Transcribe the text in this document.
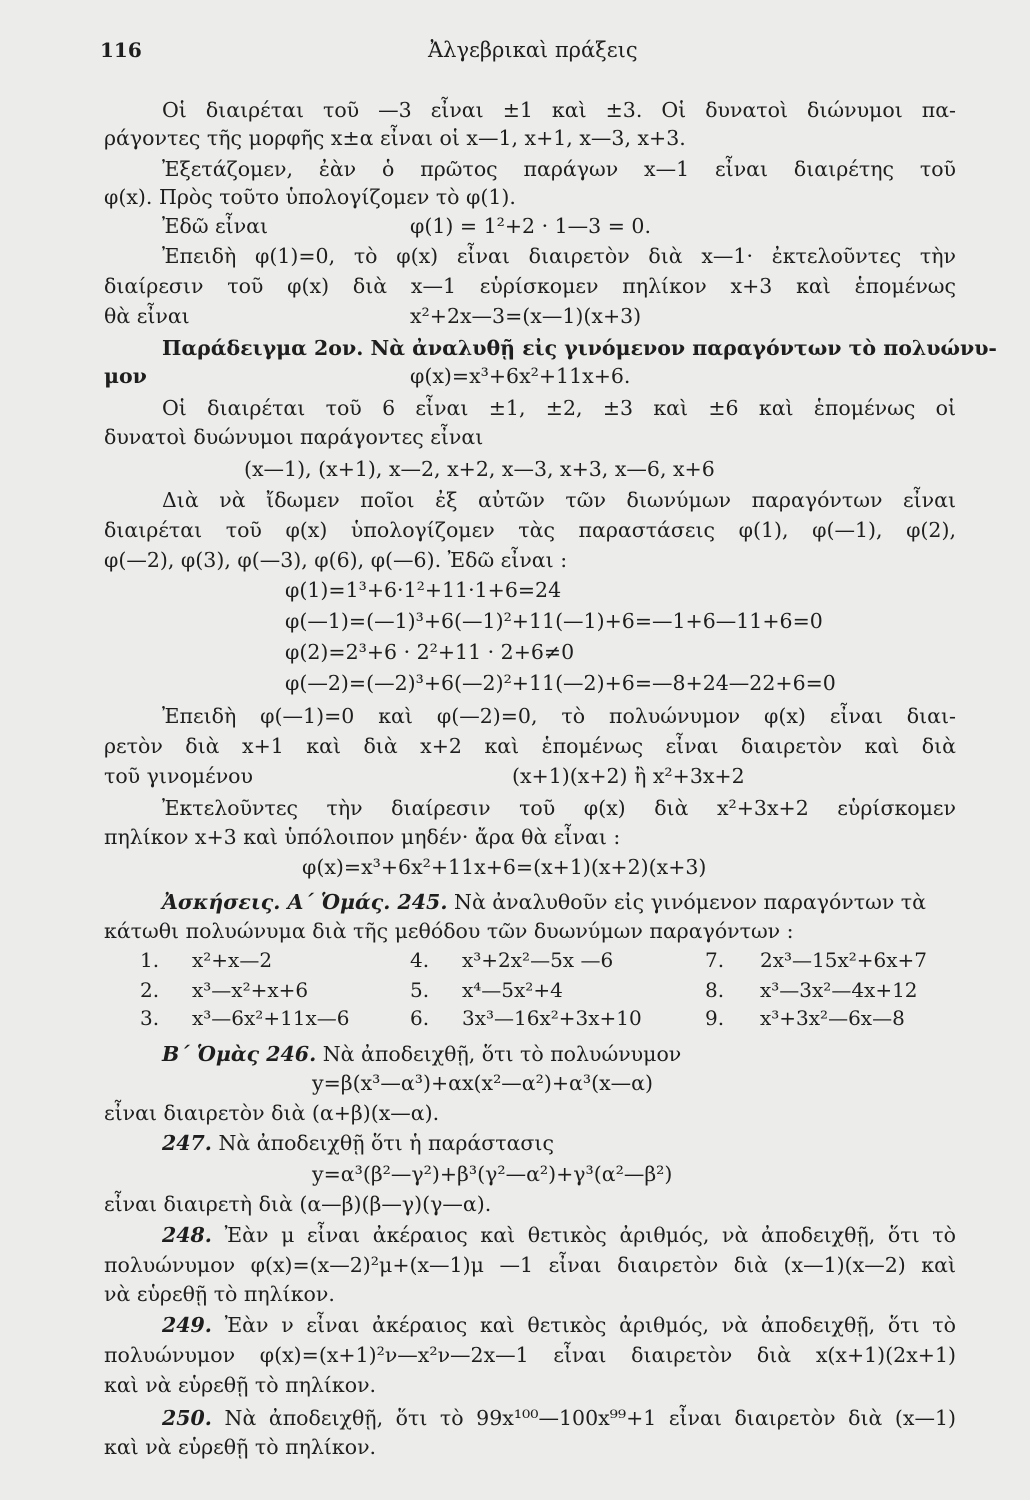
116	Ἀλγεβρικαὶ πράξεις
Οἱ διαιρέται τοῦ —3 εἶναι ±1 καὶ ±3. Οἱ δυνατοὶ διώνυμοι πα-
ράγοντες τῆς μορφῆς x±α εἶναι οἱ x—1, x+1, x—3, x+3.
Ἐξετάζομεν, ἐὰν ὁ πρῶτος παράγων x—1 εἶναι διαιρέτης τοῦ
φ(x). Πρὸς τοῦτο ὑπολογίζομεν τὸ φ(1).
Ἐδῶ εἶναι	φ(1) = 1²+2 · 1—3 = 0.
Ἐπειδὴ φ(1)=0, τὸ φ(x) εἶναι διαιρετὸν διὰ x—1· ἐκτελοῦντες τὴν
διαίρεσιν τοῦ φ(x) διὰ x—1 εὑρίσκομεν πηλίκον x+3 καὶ ἑπομένως
θὰ εἶναι	x²+2x—3=(x—1)(x+3)
Παράδειγμα 2ον. Νὰ ἀναλυθῇ εἰς γινόμενον παραγόντων τὸ πολυώνυ-
μον	φ(x)=x³+6x²+11x+6.
Οἱ διαιρέται τοῦ 6 εἶναι ±1, ±2, ±3 καὶ ±6 καὶ ἑπομένως οἱ
δυνατοὶ δυώνυμοι παράγοντες εἶναι
(x—1), (x+1), x—2, x+2, x—3, x+3, x—6, x+6
Διὰ νὰ ἴδωμεν ποῖοι ἐξ αὐτῶν τῶν διωνύμων παραγόντων εἶναι
διαιρέται τοῦ φ(x) ὑπολογίζομεν τὰς παραστάσεις φ(1), φ(—1), φ(2),
φ(—2), φ(3), φ(—3), φ(6), φ(—6). Ἐδῶ εἶναι :
φ(1)=1³+6·1²+11·1+6=24
φ(—1)=(—1)³+6(—1)²+11(—1)+6=—1+6—11+6=0
φ(2)=2³+6 · 2²+11 · 2+6≠0
φ(—2)=(—2)³+6(—2)²+11(—2)+6=—8+24—22+6=0
Ἐπειδὴ φ(—1)=0 καὶ φ(—2)=0, τὸ πολυώνυμον φ(x) εἶναι διαι-
ρετὸν διὰ x+1 καὶ διὰ x+2 καὶ ἑπομένως εἶναι διαιρετὸν καὶ διὰ
τοῦ γινομένου	(x+1)(x+2) ἢ x²+3x+2
Ἐκτελοῦντες τὴν διαίρεσιν τοῦ φ(x) διὰ x²+3x+2 εὑρίσκομεν
πηλίκον x+3 καὶ ὑπόλοιπον μηδέν· ἄρα θὰ εἶναι :
φ(x)=x³+6x²+11x+6=(x+1)(x+2)(x+3)
Ἀσκήσεις. Α΄ Ὁμάς. 245. Νὰ ἀναλυθοῦν εἰς γινόμενον παραγόντων τὰ
κάτωθι πολυώνυμα διὰ τῆς μεθόδου τῶν δυωνύμων παραγόντων :
1. x²+x—2	4. x³+2x²—5x —6	7. 2x³—15x²+6x+7
2. x³—x²+x+6	5. x⁴—5x²+4	8. x³—3x²—4x+12
3. x³—6x²+11x—6	6. 3x³—16x²+3x+10	9. x³+3x²—6x—8
Β΄ Ὁμὰς 246. Νὰ ἀποδειχθῇ, ὅτι τὸ πολυώνυμον
y=β(x³—α³)+αx(x²—α²)+α³(x—α)
εἶναι διαιρετὸν διὰ (α+β)(x—α).
247. Νὰ ἀποδειχθῇ ὅτι ἡ παράστασις
y=α³(β²—γ²)+β³(γ²—α²)+γ³(α²—β²)
εἶναι διαιρετὴ διὰ (α—β)(β—γ)(γ—α).
248. Ἐὰν μ εἶναι ἀκέραιος καὶ θετικὸς ἀριθμός, νὰ ἀποδειχθῇ, ὅτι τὸ
πολυώνυμον φ(x)=(x—2)²μ+(x—1)μ —1 εἶναι διαιρετὸν διὰ (x—1)(x—2) καὶ
νὰ εὑρεθῇ τὸ πηλίκον.
249. Ἐὰν ν εἶναι ἀκέραιος καὶ θετικὸς ἀριθμός, νὰ ἀποδειχθῇ, ὅτι τὸ
πολυώνυμον φ(x)=(x+1)²ν—x²ν—2x—1 εἶναι διαιρετὸν διὰ x(x+1)(2x+1)
καὶ νὰ εὑρεθῇ τὸ πηλίκον.
250. Νὰ ἀποδειχθῇ, ὅτι τὸ 99x¹⁰⁰—100x⁹⁹+1 εἶναι διαιρετὸν διὰ (x—1)
καὶ νὰ εὑρεθῇ τὸ πηλίκον.
